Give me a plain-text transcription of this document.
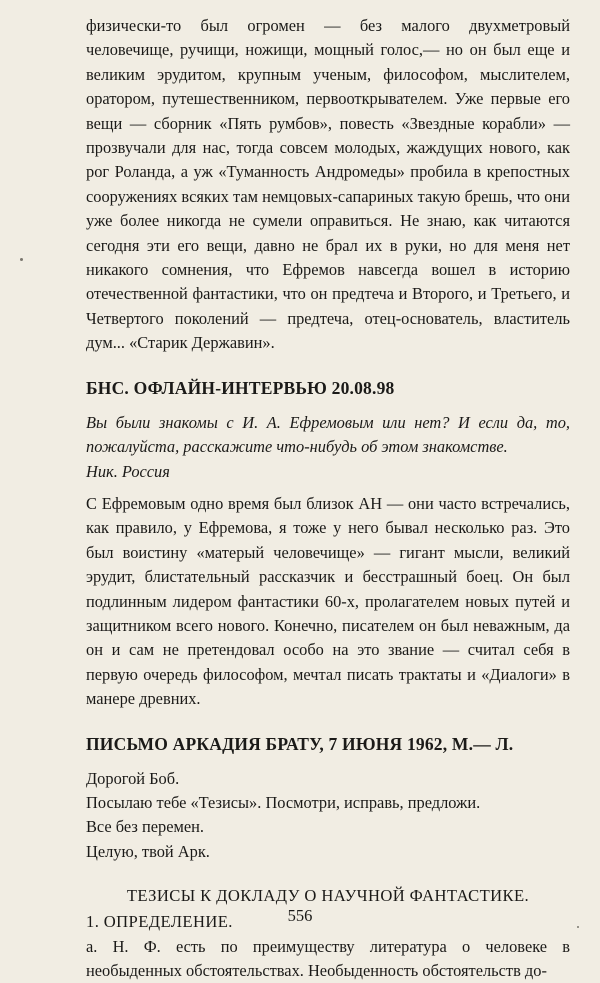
физически-то был огромен — без малого двухметровый человечище, ручищи, ножищи, мощный голос,— но он был еще и великим эрудитом, крупным ученым, философом, мыслителем, оратором, путешественником, первооткрывателем. Уже первые его вещи — сборник «Пять румбов», повесть «Звездные корабли» — прозвучали для нас, тогда совсем молодых, жаждущих нового, как рог Роланда, а уж «Туманность Андромеды» пробила в крепостных сооружениях всяких там немцовых-сапариных такую брешь, что они уже более никогда не сумели оправиться. Не знаю, как читаются сегодня эти его вещи, давно не брал их в руки, но для меня нет никакого сомнения, что Ефремов навсегда вошел в историю отечественной фантастики, что он предтеча и Второго, и Третьего, и Четвертого поколений — предтеча, отец-основатель, властитель дум... «Старик Державин».

БНС. ОФЛАЙН-ИНТЕРВЬЮ 20.08.98

Вы были знакомы с И. А. Ефремовым или нет? И если да, то, пожалуйста, расскажите что-нибудь об этом знакомстве.

Ник. Россия

С Ефремовым одно время был близок АН — они часто встречались, как правило, у Ефремова, я тоже у него бывал несколько раз. Это был воистину «матерый человечище» — гигант мысли, великий эрудит, блистательный рассказчик и бесстрашный боец. Он был подлинным лидером фантастики 60-х, пролагателем новых путей и защитником всего нового. Конечно, писателем он был неважным, да он и сам не претендовал особо на это звание — считал себя в первую очередь философом, мечтал писать трактаты и «Диалоги» в манере древних.

ПИСЬМО АРКАДИЯ БРАТУ, 7 ИЮНЯ 1962, М.— Л.

Дорогой Боб.

Посылаю тебе «Тезисы». Посмотри, исправь, предложи.

Все без перемен.

Целую, твой Арк.

ТЕЗИСЫ К ДОКЛАДУ О НАУЧНОЙ ФАНТАСТИКЕ.

1. ОПРЕДЕЛЕНИЕ.

а. Н. Ф. есть по преимуществу литература о человеке в необыденных обстоятельствах. Необыденность обстоятельств до-

556
